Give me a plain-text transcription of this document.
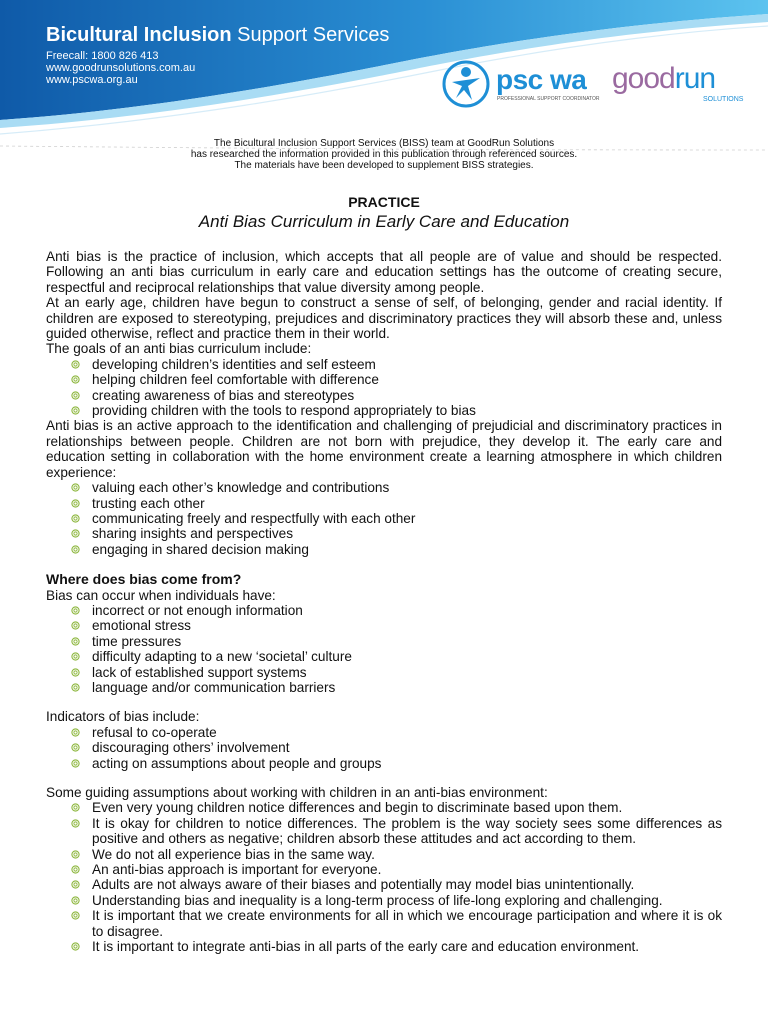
Bicultural Inclusion Support Services
Freecall: 1800 826 413
www.goodrunsolutions.com.au
www.pscwa.org.au	psc wa
PROFESSIONAL SUPPORT COORDINATOR
goodrun
SOLUTIONS
The Bicultural Inclusion Support Services (BISS) team at GoodRun Solutions
has researched the information provided in this publication through referenced sources.
The materials have been developed to supplement BISS strategies.
PRACTICE
Anti Bias Curriculum in Early Care and Education

Anti bias is the practice of inclusion, which accepts that all people are of value and should be respected. Following an anti bias curriculum in early care and education settings has the outcome of creating secure, respectful and reciprocal relationships that value diversity among people.

At an early age, children have begun to construct a sense of self, of belonging, gender and racial identity. If children are exposed to stereotyping, prejudices and discriminatory practices they will absorb these and, unless guided otherwise, reflect and practice them in their world.

The goals of an anti bias curriculum include:

developing children’s identities and self esteem
helping children feel comfortable with difference
creating awareness of bias and stereotypes
providing children with the tools to respond appropriately to bias

Anti bias is an active approach to the identification and challenging of prejudicial and discriminatory practices in relationships between people. Children are not born with prejudice, they develop it. The early care and education setting in collaboration with the home environment create a learning atmosphere in which children experience:

valuing each other’s knowledge and contributions
trusting each other
communicating freely and respectfully with each other
sharing insights and perspectives
engaging in shared decision making
Where does bias come from?

Bias can occur when individuals have:

incorrect or not enough information
emotional stress
time pressures
difficulty adapting to a new ‘societal’ culture
lack of established support systems
language and/or communication barriers

Indicators of bias include:

refusal to co-operate
discouraging others’ involvement
acting on assumptions about people and groups

Some guiding assumptions about working with children in an anti-bias environment:

Even very young children notice differences and begin to discriminate based upon them.
It is okay for children to notice differences. The problem is the way society sees some differences as positive and others as negative; children absorb these attitudes and act according to them.
We do not all experience bias in the same way.
An anti-bias approach is important for everyone.
Adults are not always aware of their biases and potentially may model bias unintentionally.
Understanding bias and inequality is a long-term process of life-long exploring and challenging.
It is important that we create environments for all in which we encourage participation and where it is ok to disagree.
It is important to integrate anti-bias in all parts of the early care and education environment.
